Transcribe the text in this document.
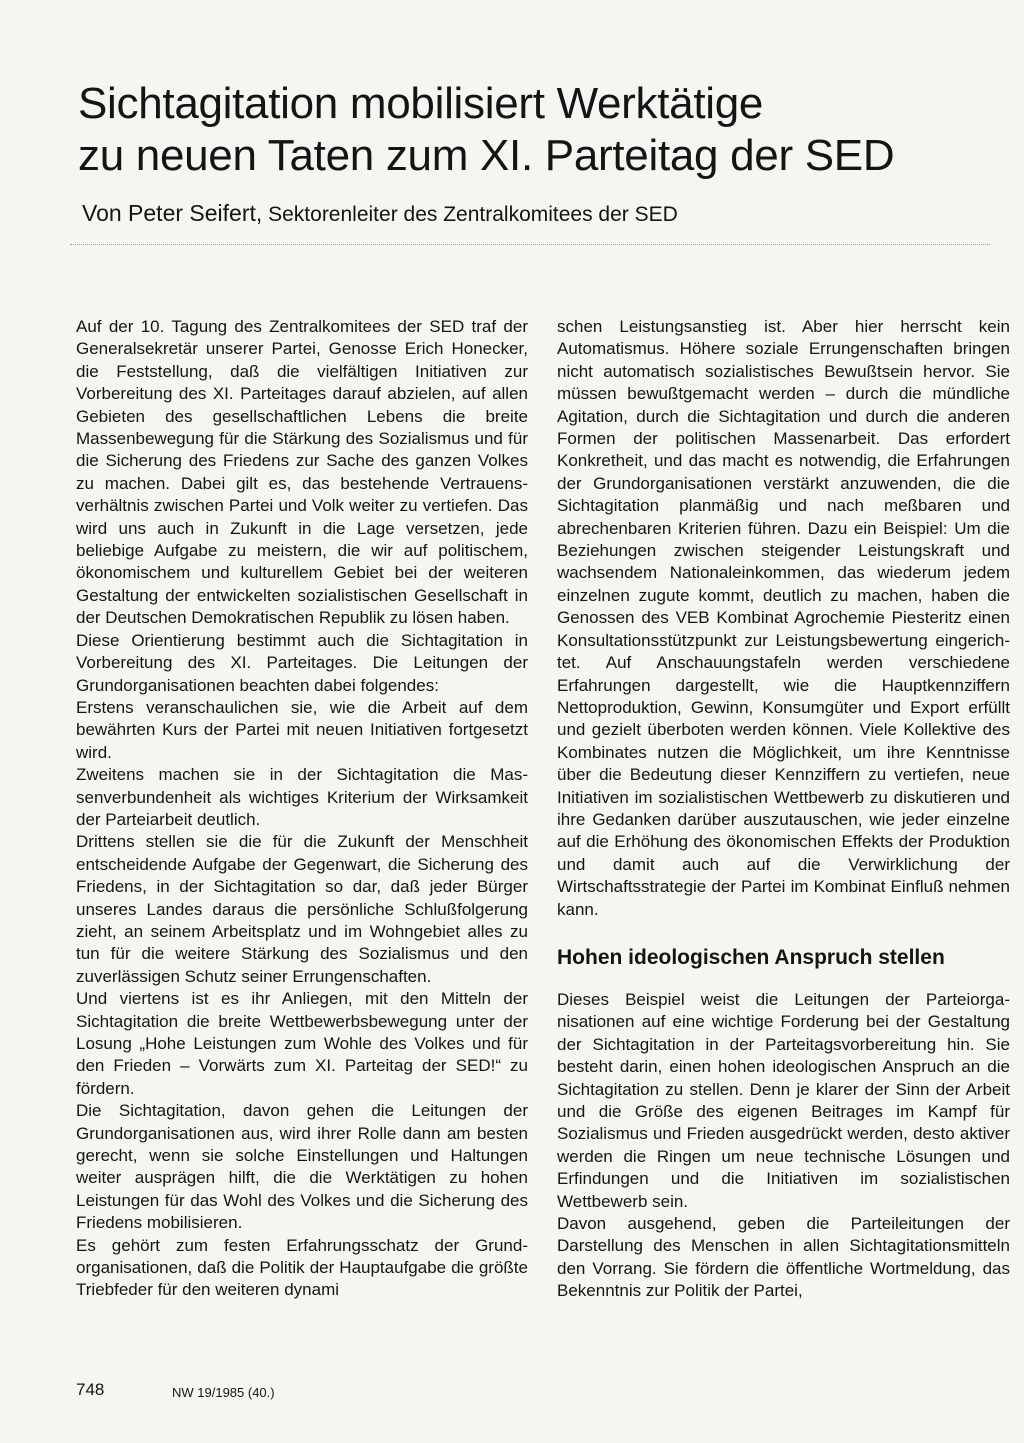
Sichtagitation mobilisiert Werktätige
zu neuen Taten zum XI. Parteitag der SED

Von Peter Seifert, Sektorenleiter des Zentralkomitees der SED

Auf der 10. Tagung des Zentralkomitees der SED traf der Generalsekretär unserer Partei, Genosse Erich Honecker, die Feststellung, daß die vielfältigen Initiativen zur Vorbereitung des XI. Parteitages darauf abzielen, auf allen Gebieten des gesellschaftlichen Lebens die breite Massenbewegung für die Stärkung des Sozialismus und für die Sicherung des Friedens zur Sache des ganzen Volkes zu machen. Dabei gilt es, das bestehende Vertrauensverhältnis zwischen Partei und Volk weiter zu vertiefen. Das wird uns auch in Zukunft in die Lage versetzen, jede beliebige Aufgabe zu meistern, die wir auf politischem, ökonomischem und kulturellem Gebiet bei der weiteren Gestaltung der entwickelten sozialistischen Gesellschaft in der Deutschen Demokratischen Republik zu lösen haben.

Diese Orientierung bestimmt auch die Sichtagitation in Vorbereitung des XI. Parteitages. Die Leitungen der Grundorganisationen beachten dabei folgendes:

Erstens veranschaulichen sie, wie die Arbeit auf dem bewährten Kurs der Partei mit neuen Initiativen fortgesetzt wird.

Zweitens machen sie in der Sichtagitation die Massenverbundenheit als wichtiges Kriterium der Wirksamkeit der Parteiarbeit deutlich.

Drittens stellen sie die für die Zukunft der Menschheit entscheidende Aufgabe der Gegenwart, die Sicherung des Friedens, in der Sichtagitation so dar, daß jeder Bürger unseres Landes daraus die persönliche Schlußfolgerung zieht, an seinem Arbeitsplatz und im Wohngebiet alles zu tun für die weitere Stärkung des Sozialismus und den zuverlässigen Schutz seiner Errungenschaften.

Und viertens ist es ihr Anliegen, mit den Mitteln der Sichtagitation die breite Wettbewerbsbewegung unter der Losung „Hohe Leistungen zum Wohle des Volkes und für den Frieden – Vorwärts zum XI. Parteitag der SED!“ zu fördern.

Die Sichtagitation, davon gehen die Leitungen der Grundorganisationen aus, wird ihrer Rolle dann am besten gerecht, wenn sie solche Einstellungen und Haltungen weiter ausprägen hilft, die die Werktätigen zu hohen Leistungen für das Wohl des Volkes und die Sicherung des Friedens mobilisieren.

Es gehört zum festen Erfahrungsschatz der Grundorganisationen, daß die Politik der Hauptaufgabe die größte Triebfeder für den weiteren dynami

schen Leistungsanstieg ist. Aber hier herrscht kein Automatismus. Höhere soziale Errungenschaften bringen nicht automatisch sozialistisches Bewußtsein hervor. Sie müssen bewußtgemacht werden – durch die mündliche Agitation, durch die Sichtagitation und durch die anderen Formen der politischen Massenarbeit. Das erfordert Konkretheit, und das macht es notwendig, die Erfahrungen der Grundorganisationen verstärkt anzuwenden, die die Sichtagitation planmäßig und nach meßbaren und abrechenbaren Kriterien führen. Dazu ein Beispiel: Um die Beziehungen zwischen steigender Leistungskraft und wachsendem Nationaleinkommen, das wiederum jedem einzelnen zugute kommt, deutlich zu machen, haben die Genossen des VEB Kombinat Agrochemie Piesteritz einen Konsultationsstützpunkt zur Leistungsbewertung eingerichtet. Auf Anschauungstafeln werden verschiedene Erfahrungen dargestellt, wie die Hauptkennziffern Nettoproduktion, Gewinn, Konsumgüter und Export erfüllt und gezielt überboten werden können. Viele Kollektive des Kombinates nutzen die Möglichkeit, um ihre Kenntnisse über die Bedeutung dieser Kennziffern zu vertiefen, neue Initiativen im sozialistischen Wettbewerb zu diskutieren und ihre Gedanken darüber auszutauschen, wie jeder einzelne auf die Erhöhung des ökonomischen Effekts der Produktion und damit auch auf die Verwirklichung der Wirtschaftsstrategie der Partei im Kombinat Einfluß nehmen kann.

Hohen ideologischen Anspruch stellen

Dieses Beispiel weist die Leitungen der Parteiorganisationen auf eine wichtige Forderung bei der Gestaltung der Sichtagitation in der Parteitagsvorbereitung hin. Sie besteht darin, einen hohen ideologischen Anspruch an die Sichtagitation zu stellen. Denn je klarer der Sinn der Arbeit und die Größe des eigenen Beitrages im Kampf für Sozialismus und Frieden ausgedrückt werden, desto aktiver werden die Ringen um neue technische Lösungen und Erfindungen und die Initiativen im sozialistischen Wettbewerb sein.

Davon ausgehend, geben die Parteileitungen der Darstellung des Menschen in allen Sichtagitationsmitteln den Vorrang. Sie fördern die öffentliche Wortmeldung, das Bekenntnis zur Politik der Partei,

748	NW 19/1985 (40.)
